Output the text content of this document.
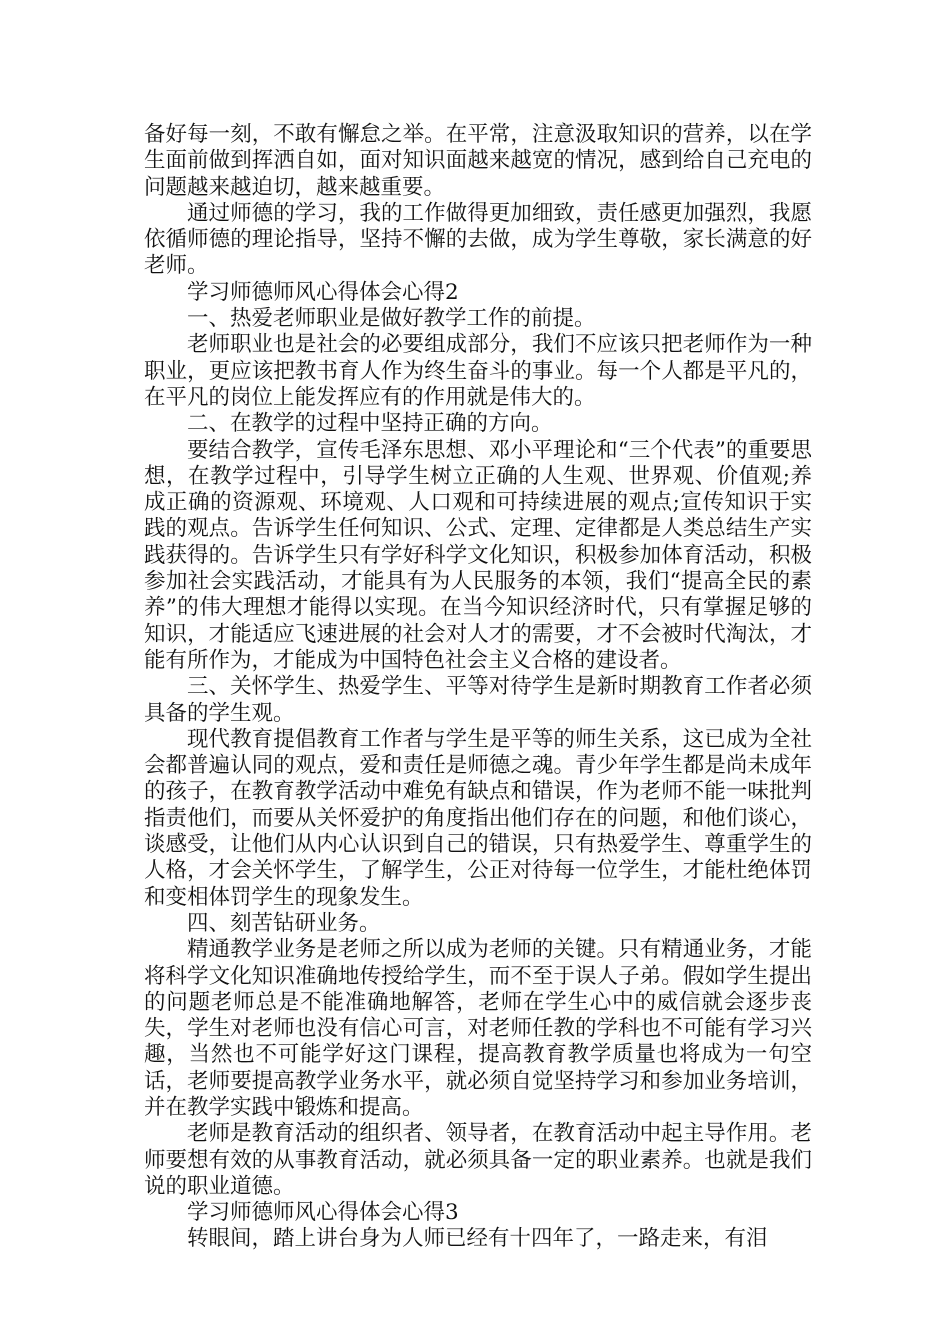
备好每一刻，不敢有懈怠之举。在平常，注意汲取知识的营养，以在学生面前做到挥洒自如，面对知识面越来越宽的情况，感到给自己充电的问题越来越迫切，越来越重要。

通过师德的学习，我的工作做得更加细致，责任感更加强烈，我愿依循师德的理论指导，坚持不懈的去做，成为学生尊敬，家长满意的好老师。

学习师德师风心得体会心得2

一、热爱老师职业是做好教学工作的前提。

老师职业也是社会的必要组成部分，我们不应该只把老师作为一种职业，更应该把教书育人作为终生奋斗的事业。每一个人都是平凡的，在平凡的岗位上能发挥应有的作用就是伟大的。

二、在教学的过程中坚持正确的方向。

要结合教学，宣传毛泽东思想、邓小平理论和“三个代表”的重要思想，在教学过程中，引导学生树立正确的人生观、世界观、价值观;养成正确的资源观、环境观、人口观和可持续进展的观点;宣传知识于实践的观点。告诉学生任何知识、公式、定理、定律都是人类总结生产实践获得的。告诉学生只有学好科学文化知识，积极参加体育活动，积极参加社会实践活动，才能具有为人民服务的本领，我们“提高全民的素养”的伟大理想才能得以实现。在当今知识经济时代，只有掌握足够的知识，才能适应飞速进展的社会对人才的需要，才不会被时代淘汰，才能有所作为，才能成为中国特色社会主义合格的建设者。

三、关怀学生、热爱学生、平等对待学生是新时期教育工作者必须具备的学生观。

现代教育提倡教育工作者与学生是平等的师生关系，这已成为全社会都普遍认同的观点，爱和责任是师德之魂。青少年学生都是尚未成年的孩子，在教育教学活动中难免有缺点和错误，作为老师不能一味批判指责他们，而要从关怀爱护的角度指出他们存在的问题，和他们谈心，谈感受，让他们从内心认识到自己的错误，只有热爱学生、尊重学生的人格，才会关怀学生，了解学生，公正对待每一位学生，才能杜绝体罚和变相体罚学生的现象发生。

四、刻苦钻研业务。

精通教学业务是老师之所以成为老师的关键。只有精通业务，才能将科学文化知识准确地传授给学生，而不至于误人子弟。假如学生提出的问题老师总是不能准确地解答，老师在学生心中的威信就会逐步丧失，学生对老师也没有信心可言，对老师任教的学科也不可能有学习兴趣，当然也不可能学好这门课程，提高教育教学质量也将成为一句空话，老师要提高教学业务水平，就必须自觉坚持学习和参加业务培训，并在教学实践中锻炼和提高。

老师是教育活动的组织者、领导者，在教育活动中起主导作用。老师要想有效的从事教育活动，就必须具备一定的职业素养。也就是我们说的职业道德。

学习师德师风心得体会心得3

转眼间，踏上讲台身为人师已经有十四年了，一路走来，有泪
